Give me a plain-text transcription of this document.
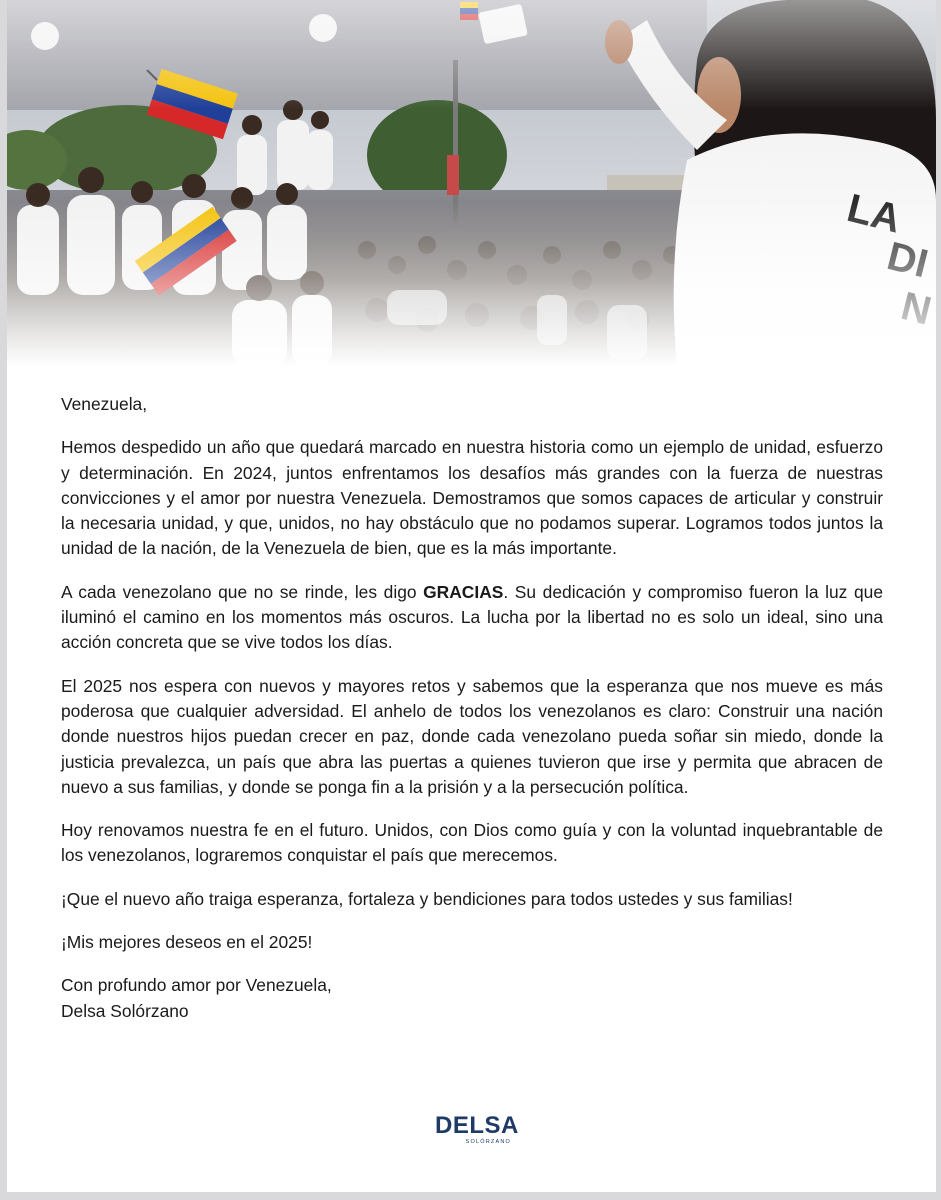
Venezuela,

Hemos despedido un año que quedará marcado en nuestra historia como un ejemplo de unidad, esfuerzo y determinación. En 2024, juntos enfrentamos los desafíos más grandes con la fuerza de nuestras convicciones y el amor por nuestra Venezuela. Demostramos que somos capaces de articular y construir la necesaria unidad, y que, unidos, no hay obstáculo que no podamos superar. Logramos todos juntos la unidad de la nación, de la Venezuela de bien, que es la más importante.

A cada venezolano que no se rinde, les digo GRACIAS. Su dedicación y compromiso fueron la luz que iluminó el camino en los momentos más oscuros. La lucha por la libertad no es solo un ideal, sino una acción concreta que se vive todos los días.

El 2025 nos espera con nuevos y mayores retos y sabemos que la esperanza que nos mueve es más poderosa que cualquier adversidad. El anhelo de todos los venezolanos es claro: Construir una nación donde nuestros hijos puedan crecer en paz, donde cada venezolano pueda soñar sin miedo, donde la justicia prevalezca, un país que abra las puertas a quienes tuvieron que irse y permita que abracen de nuevo a sus familias, y donde se ponga fin a la prisión y a la persecución política.

Hoy renovamos nuestra fe en el futuro. Unidos, con Dios como guía y con la voluntad inquebrantable de los venezolanos, lograremos conquistar el país que merecemos.

¡Que el nuevo año traiga esperanza, fortaleza y bendiciones para todos ustedes y sus familias!

¡Mis mejores deseos en el 2025!

Con profundo amor por Venezuela,

Delsa Solórzano

DELSA
SOLÓRZANO
